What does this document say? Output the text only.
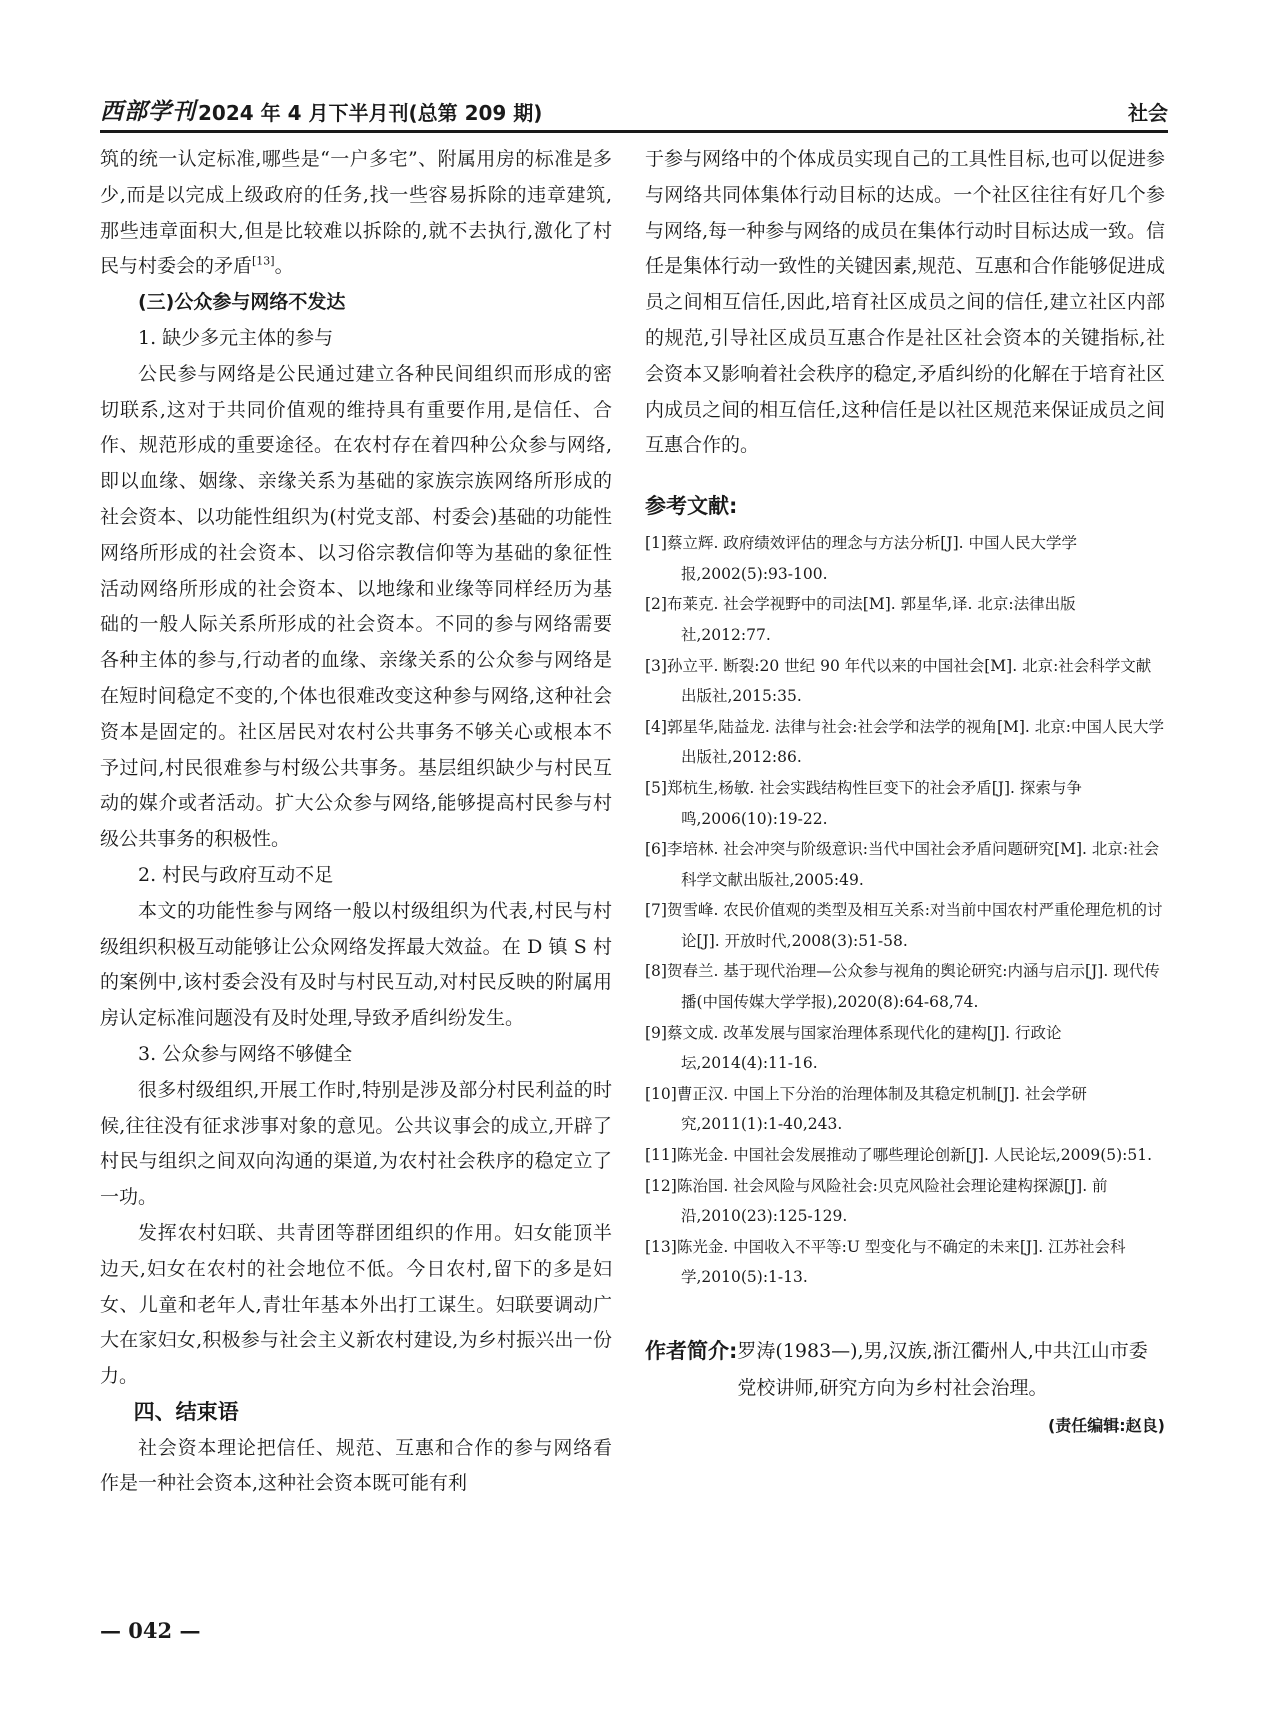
西部学刊 2024 年 4 月下半月刊(总第 209 期)	社会

筑的统一认定标准,哪些是“一户多宅”、附属用房的标准是多少,而是以完成上级政府的任务,找一些容易拆除的违章建筑,那些违章面积大,但是比较难以拆除的,就不去执行,激化了村民与村委会的矛盾[13]。

(三)公众参与网络不发达

1. 缺少多元主体的参与

公民参与网络是公民通过建立各种民间组织而形成的密切联系,这对于共同价值观的维持具有重要作用,是信任、合作、规范形成的重要途径。在农村存在着四种公众参与网络,即以血缘、姻缘、亲缘关系为基础的家族宗族网络所形成的社会资本、以功能性组织为(村党支部、村委会)基础的功能性网络所形成的社会资本、以习俗宗教信仰等为基础的象征性活动网络所形成的社会资本、以地缘和业缘等同样经历为基础的一般人际关系所形成的社会资本。不同的参与网络需要各种主体的参与,行动者的血缘、亲缘关系的公众参与网络是在短时间稳定不变的,个体也很难改变这种参与网络,这种社会资本是固定的。社区居民对农村公共事务不够关心或根本不予过问,村民很难参与村级公共事务。基层组织缺少与村民互动的媒介或者活动。扩大公众参与网络,能够提高村民参与村级公共事务的积极性。

2. 村民与政府互动不足

本文的功能性参与网络一般以村级组织为代表,村民与村级组织积极互动能够让公众网络发挥最大效益。在 D 镇 S 村的案例中,该村委会没有及时与村民互动,对村民反映的附属用房认定标准问题没有及时处理,导致矛盾纠纷发生。

3. 公众参与网络不够健全

很多村级组织,开展工作时,特别是涉及部分村民利益的时候,往往没有征求涉事对象的意见。公共议事会的成立,开辟了村民与组织之间双向沟通的渠道,为农村社会秩序的稳定立了一功。

发挥农村妇联、共青团等群团组织的作用。妇女能顶半边天,妇女在农村的社会地位不低。今日农村,留下的多是妇女、儿童和老年人,青壮年基本外出打工谋生。妇联要调动广大在家妇女,积极参与社会主义新农村建设,为乡村振兴出一份力。

四、结束语

社会资本理论把信任、规范、互惠和合作的参与网络看作是一种社会资本,这种社会资本既可能有利

于参与网络中的个体成员实现自己的工具性目标,也可以促进参与网络共同体集体行动目标的达成。一个社区往往有好几个参与网络,每一种参与网络的成员在集体行动时目标达成一致。信任是集体行动一致性的关键因素,规范、互惠和合作能够促进成员之间相互信任,因此,培育社区成员之间的信任,建立社区内部的规范,引导社区成员互惠合作是社区社会资本的关键指标,社会资本又影响着社会秩序的稳定,矛盾纠纷的化解在于培育社区内成员之间的相互信任,这种信任是以社区规范来保证成员之间互惠合作的。

参考文献:

[1]蔡立辉. 政府绩效评估的理念与方法分析[J]. 中国人民大学学报,2002(5):93-100.

[2]布莱克. 社会学视野中的司法[M]. 郭星华,译. 北京:法律出版社,2012:77.

[3]孙立平. 断裂:20 世纪 90 年代以来的中国社会[M]. 北京:社会科学文献出版社,2015:35.

[4]郭星华,陆益龙. 法律与社会:社会学和法学的视角[M]. 北京:中国人民大学出版社,2012:86.

[5]郑杭生,杨敏. 社会实践结构性巨变下的社会矛盾[J]. 探索与争鸣,2006(10):19-22.

[6]李培林. 社会冲突与阶级意识:当代中国社会矛盾问题研究[M]. 北京:社会科学文献出版社,2005:49.

[7]贺雪峰. 农民价值观的类型及相互关系:对当前中国农村严重伦理危机的讨论[J]. 开放时代,2008(3):51-58.

[8]贺春兰. 基于现代治理—公众参与视角的舆论研究:内涵与启示[J]. 现代传播(中国传媒大学学报),2020(8):64-68,74.

[9]蔡文成. 改革发展与国家治理体系现代化的建构[J]. 行政论坛,2014(4):11-16.

[10]曹正汉. 中国上下分治的治理体制及其稳定机制[J]. 社会学研究,2011(1):1-40,243.

[11]陈光金. 中国社会发展推动了哪些理论创新[J]. 人民论坛,2009(5):51.

[12]陈治国. 社会风险与风险社会:贝克风险社会理论建构探源[J]. 前沿,2010(23):125-129.

[13]陈光金. 中国收入不平等:U 型变化与不确定的未来[J]. 江苏社会科学,2010(5):1-13.

作者简介: 罗涛(1983—),男,汉族,浙江衢州人,中共江山市委党校讲师,研究方向为乡村社会治理。
(责任编辑:赵良)
— 042 —
